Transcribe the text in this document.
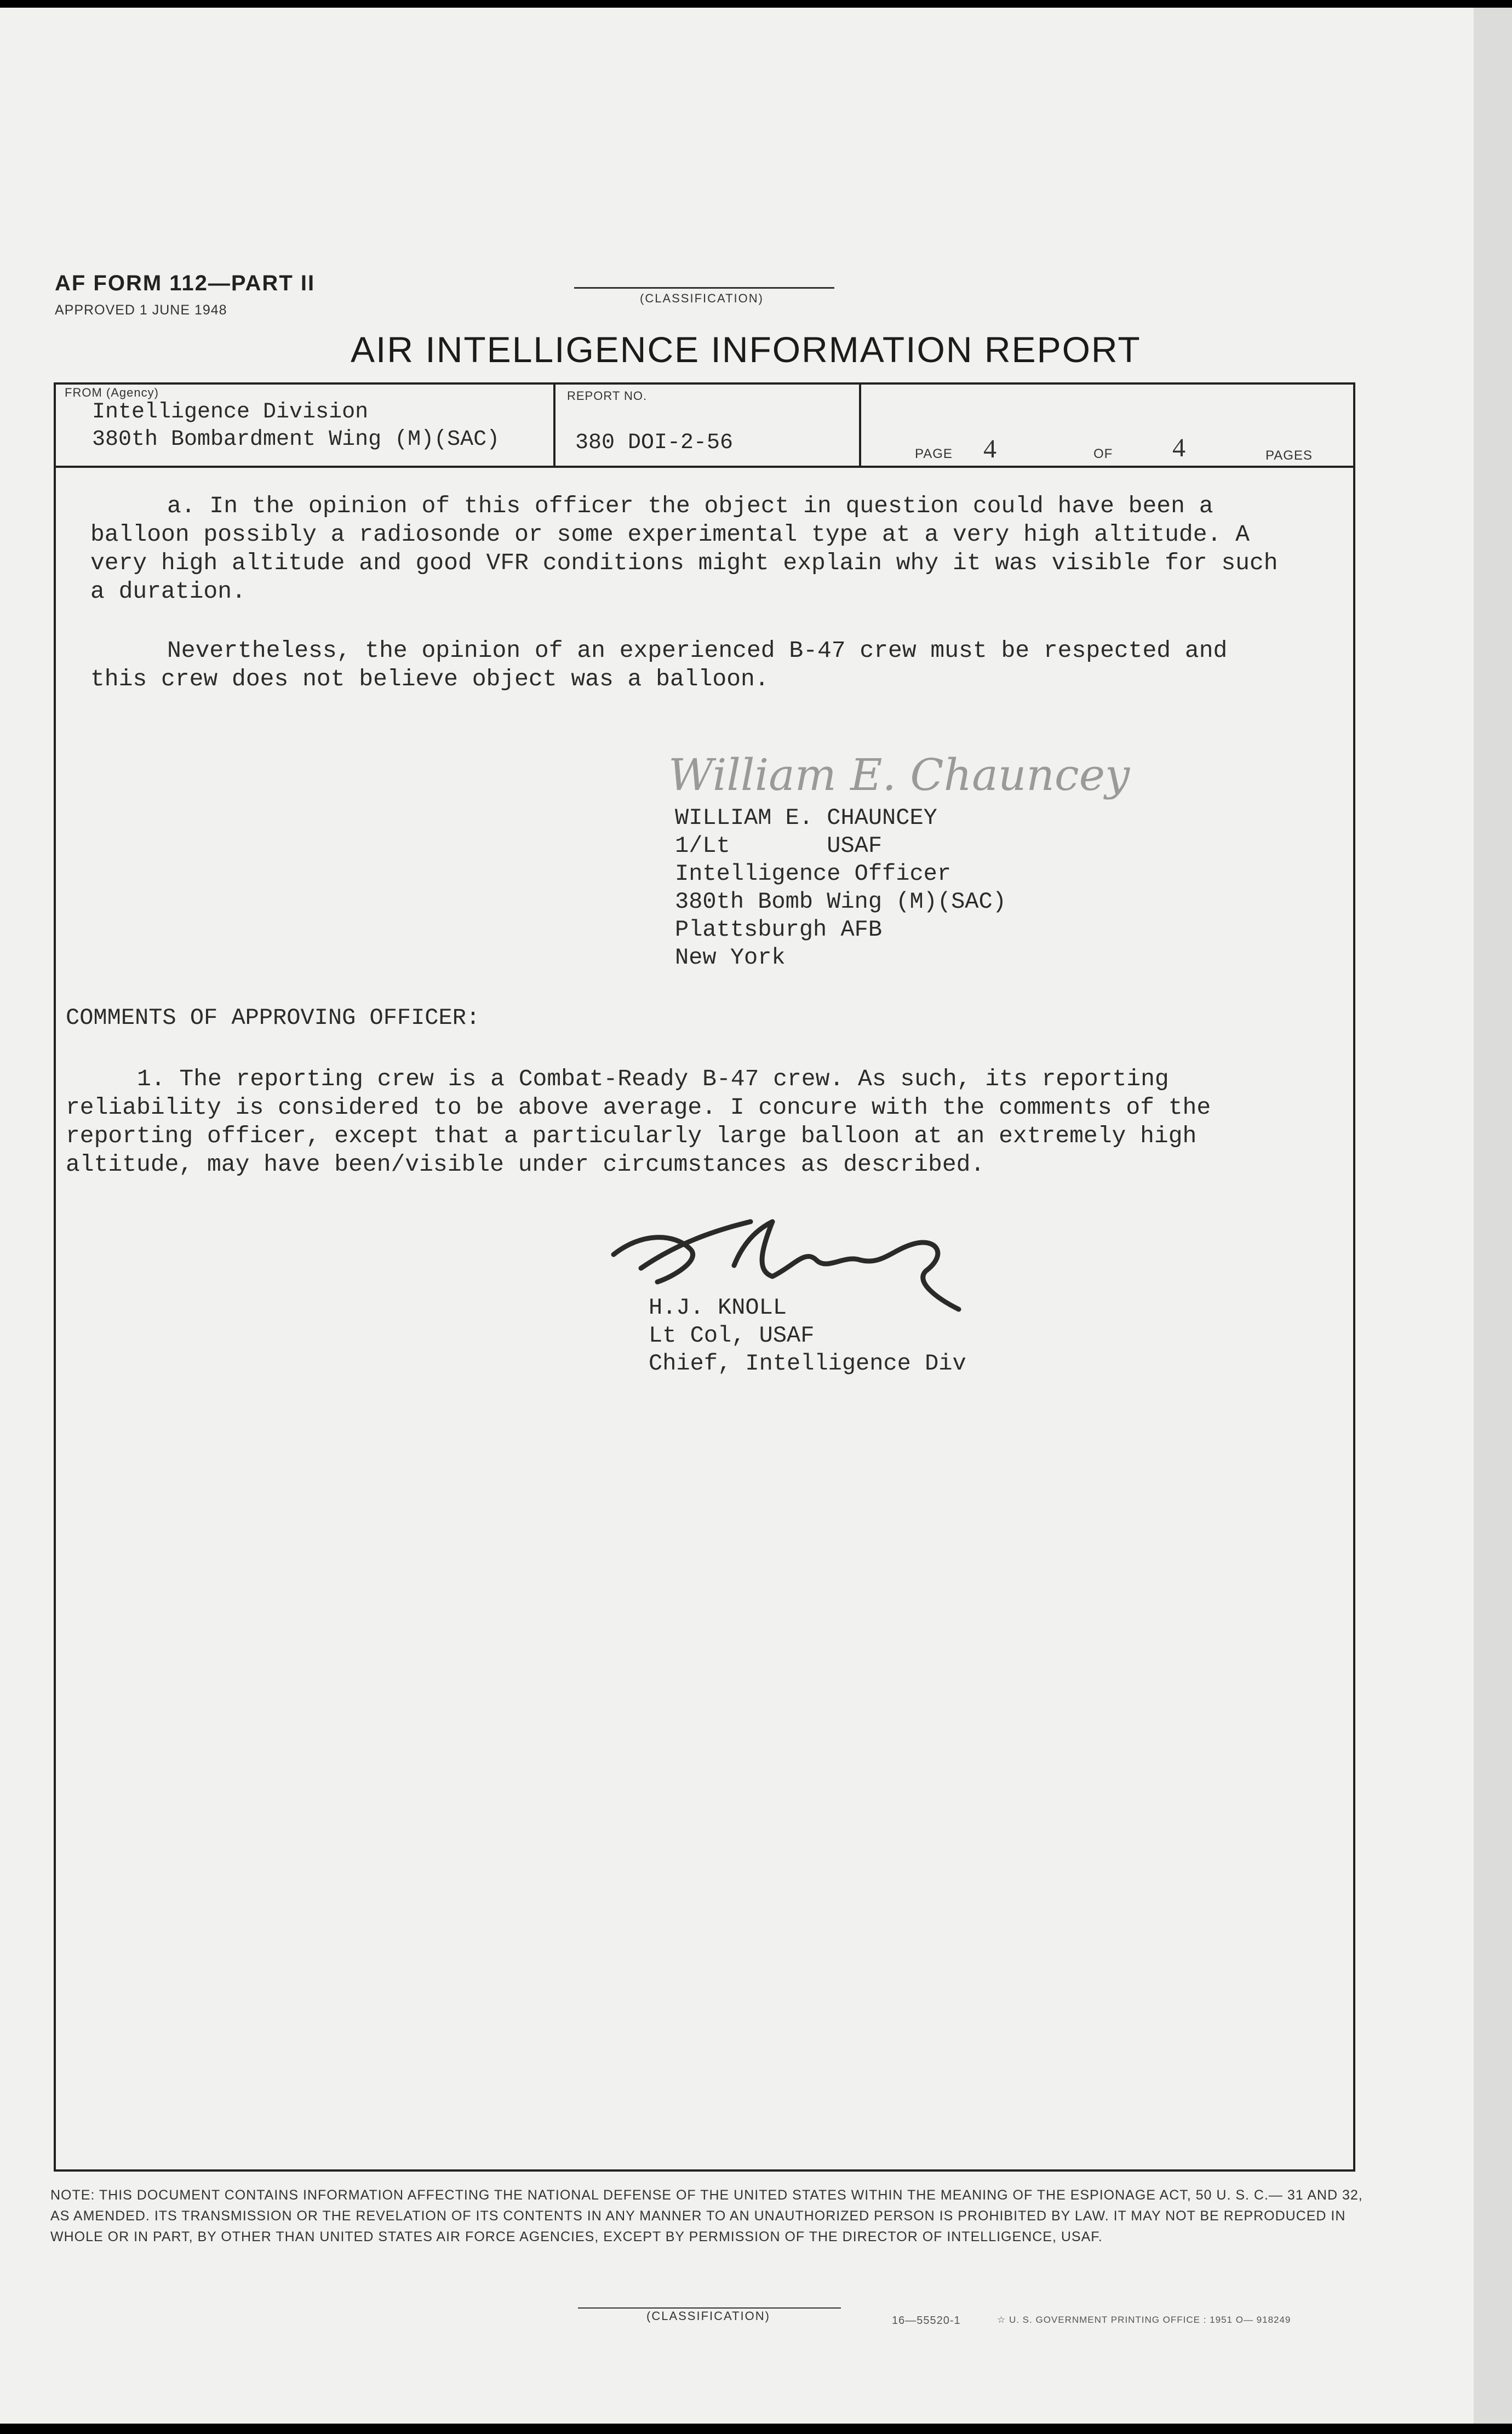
AF FORM 112—PART II
APPROVED 1 JUNE 1948
(CLASSIFICATION)
AIR INTELLIGENCE INFORMATION REPORT
FROM (Agency)
Intelligence Division
380th Bombardment Wing (M)(SAC)
REPORT NO.
380 DOI-2-56	PAGE 4	OF 4	PAGES

a. In the opinion of this officer the object in question could have been a balloon possibly a radiosonde or some experimental type at a very high altitude. A very high altitude and good VFR conditions might explain why it was visible for such a duration.

Nevertheless, the opinion of an experienced B-47 crew must be respected and this crew does not believe object was a balloon.

William E. Chauncey
WILLIAM E. CHAUNCEY
1/Lt       USAF
Intelligence Officer
380th Bomb Wing (M)(SAC)
Plattsburgh AFB
New York
COMMENTS OF APPROVING OFFICER:

1. The reporting crew is a Combat-Ready B-47 crew. As such, its reporting reliability is considered to be above average. I concure with the comments of the reporting officer, except that a particularly large balloon at an extremely high altitude, may have been/visible under circumstances as described.

H.J. KNOLL
Lt Col, USAF
Chief, Intelligence Div

NOTE: THIS DOCUMENT CONTAINS INFORMATION AFFECTING THE NATIONAL DEFENSE OF THE UNITED STATES WITHIN THE MEANING OF THE ESPIONAGE ACT, 50 U. S. C.— 31 AND 32, AS AMENDED. ITS TRANSMISSION OR THE REVELATION OF ITS CONTENTS IN ANY MANNER TO AN UNAUTHORIZED PERSON IS PROHIBITED BY LAW. IT MAY NOT BE REPRODUCED IN WHOLE OR IN PART, BY OTHER THAN UNITED STATES AIR FORCE AGENCIES, EXCEPT BY PERMISSION OF THE DIRECTOR OF INTELLIGENCE, USAF.

(CLASSIFICATION)	16—55520-1	☆ U. S. GOVERNMENT PRINTING OFFICE : 1951 O— 918249
